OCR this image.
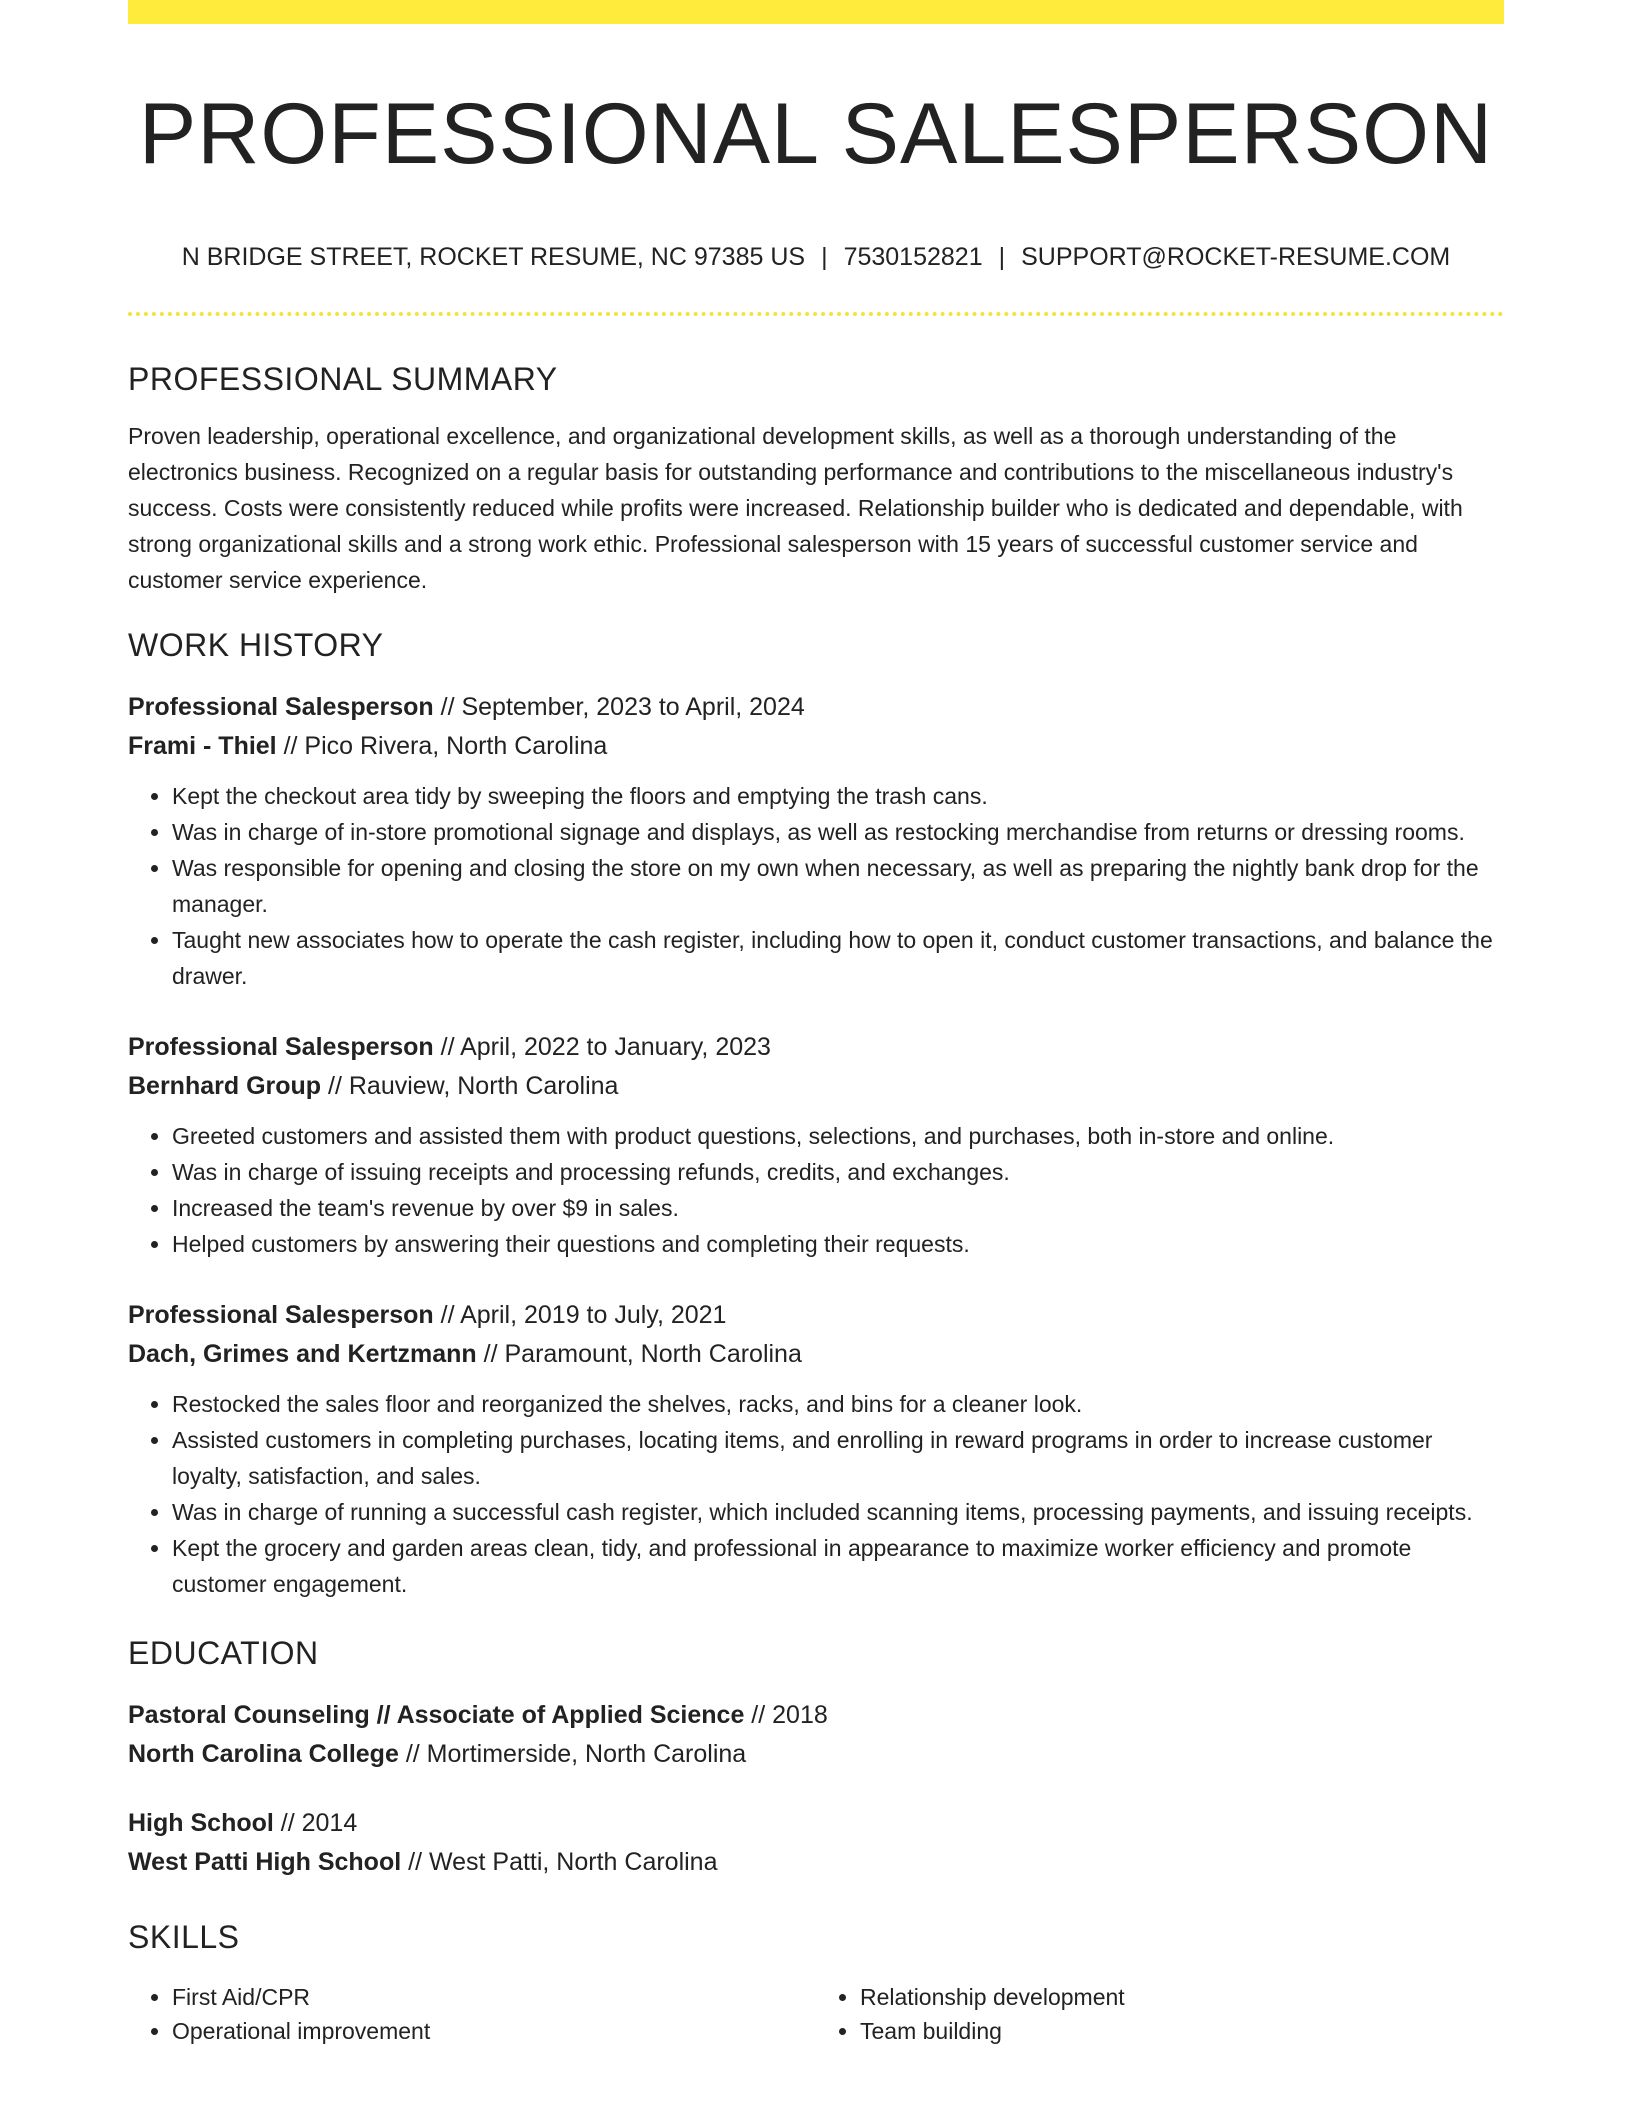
PROFESSIONAL SALESPERSON
N BRIDGE STREET, ROCKET RESUME, NC 97385 US | 7530152821 | SUPPORT@ROCKET-RESUME.COM
PROFESSIONAL SUMMARY
Proven leadership, operational excellence, and organizational development skills, as well as a thorough understanding of the electronics business. Recognized on a regular basis for outstanding performance and contributions to the miscellaneous industry's success. Costs were consistently reduced while profits were increased. Relationship builder who is dedicated and dependable, with strong organizational skills and a strong work ethic. Professional salesperson with 15 years of successful customer service and customer service experience.
WORK HISTORY
Professional Salesperson // September, 2023 to April, 2024
Frami - Thiel // Pico Rivera, North Carolina
• Kept the checkout area tidy by sweeping the floors and emptying the trash cans.
• Was in charge of in-store promotional signage and displays, as well as restocking merchandise from returns or dressing rooms.
• Was responsible for opening and closing the store on my own when necessary, as well as preparing the nightly bank drop for the manager.
• Taught new associates how to operate the cash register, including how to open it, conduct customer transactions, and balance the drawer.
Professional Salesperson // April, 2022 to January, 2023
Bernhard Group // Rauview, North Carolina
• Greeted customers and assisted them with product questions, selections, and purchases, both in-store and online.
• Was in charge of issuing receipts and processing refunds, credits, and exchanges.
• Increased the team's revenue by over $9 in sales.
• Helped customers by answering their questions and completing their requests.
Professional Salesperson // April, 2019 to July, 2021
Dach, Grimes and Kertzmann // Paramount, North Carolina
• Restocked the sales floor and reorganized the shelves, racks, and bins for a cleaner look.
• Assisted customers in completing purchases, locating items, and enrolling in reward programs in order to increase customer loyalty, satisfaction, and sales.
• Was in charge of running a successful cash register, which included scanning items, processing payments, and issuing receipts.
• Kept the grocery and garden areas clean, tidy, and professional in appearance to maximize worker efficiency and promote customer engagement.
EDUCATION
Pastoral Counseling // Associate of Applied Science // 2018
North Carolina College // Mortimerside, North Carolina
High School // 2014
West Patti High School // West Patti, North Carolina
SKILLS
• First Aid/CPR
• Operational improvement
• Relationship development
• Team building
